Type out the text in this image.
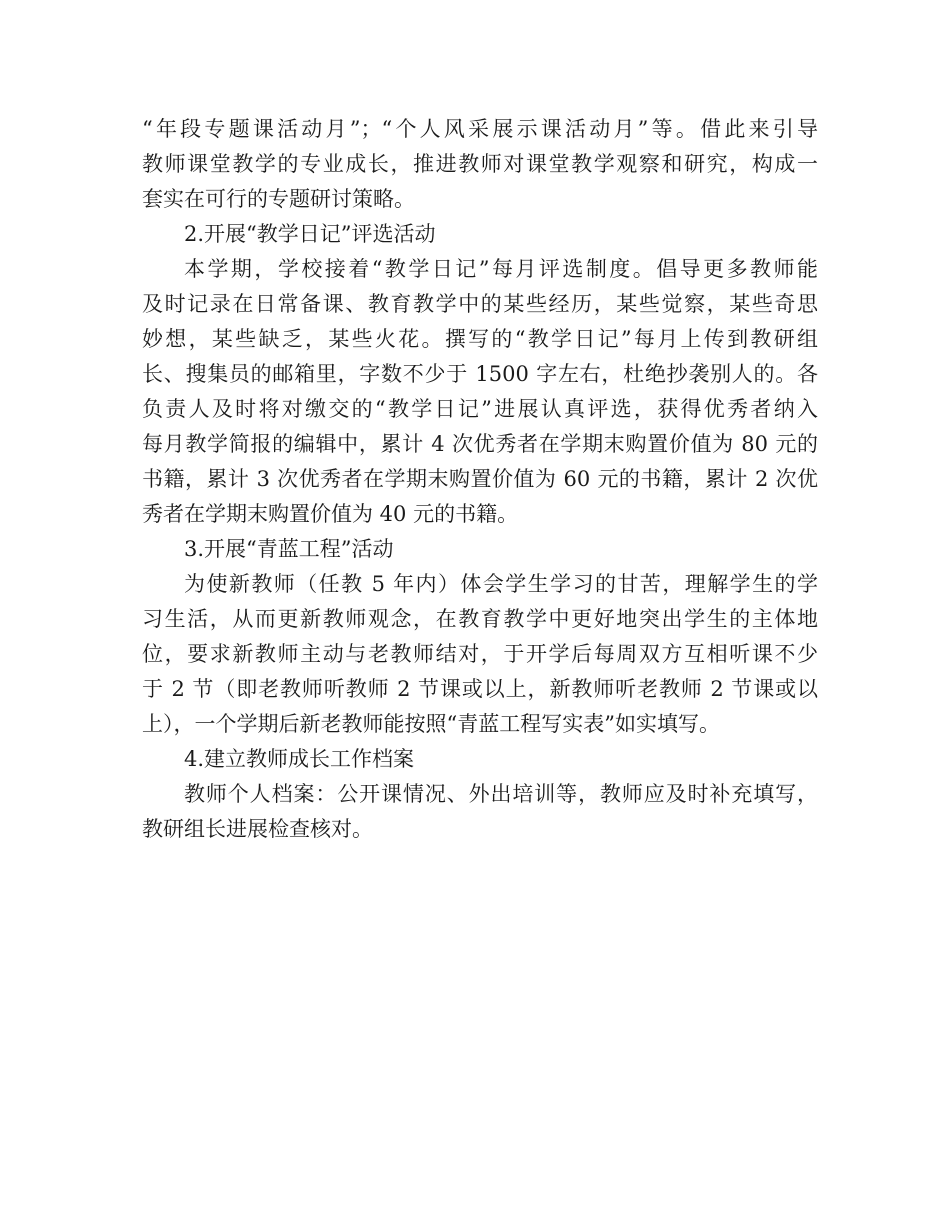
“年段专题课活动月”；“个人风采展示课活动月”等。借此来引导
教师课堂教学的专业成长，推进教师对课堂教学观察和研究，构成一
套实在可行的专题研讨策略。
2.开展“教学日记”评选活动
本学期，学校接着“教学日记”每月评选制度。倡导更多教师能
及时记录在日常备课、教育教学中的某些经历，某些觉察，某些奇思
妙想，某些缺乏，某些火花。撰写的“教学日记”每月上传到教研组
长、搜集员的邮箱里，字数不少于 1500 字左右，杜绝抄袭别人的。各
负责人及时将对缴交的“教学日记”进展认真评选，获得优秀者纳入
每月教学简报的编辑中，累计 4 次优秀者在学期末购置价值为 80 元的
书籍，累计 3 次优秀者在学期末购置价值为 60 元的书籍，累计 2 次优
秀者在学期末购置价值为 40 元的书籍。
3.开展“青蓝工程”活动
为使新教师（任教 5 年内）体会学生学习的甘苦，理解学生的学
习生活，从而更新教师观念，在教育教学中更好地突出学生的主体地
位，要求新教师主动与老教师结对，于开学后每周双方互相听课不少
于 2 节（即老教师听教师 2 节课或以上，新教师听老教师 2 节课或以
上），一个学期后新老教师能按照“青蓝工程写实表”如实填写。
4.建立教师成长工作档案
教师个人档案：公开课情况、外出培训等，教师应及时补充填写，
教研组长进展检查核对。
